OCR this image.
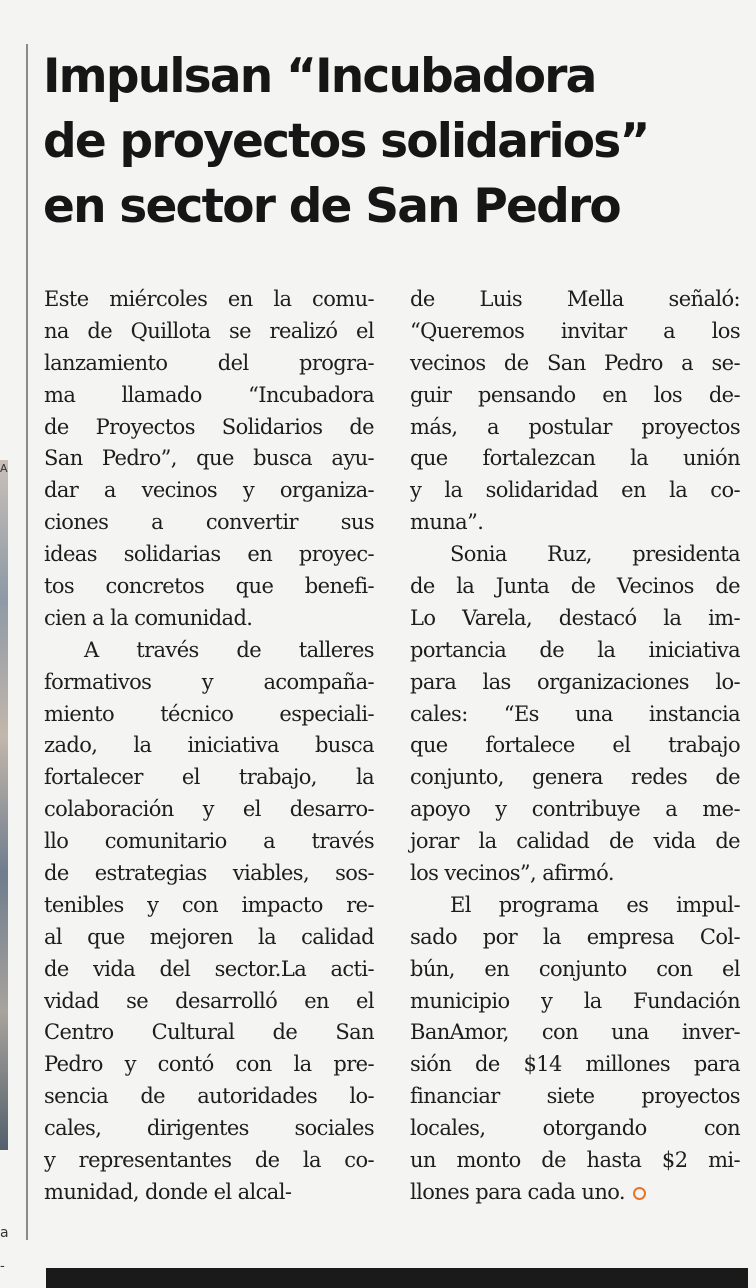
A
a
-
Impulsan “Incubadora
de proyectos solidarios”
en sector de San Pedro
Este miércoles en la comu-
na de Quillota se realizó el
lanzamiento del progra-
ma llamado “Incubadora
de Proyectos Solidarios de
San Pedro”, que busca ayu-
dar a vecinos y organiza-
ciones a convertir sus
ideas solidarias en proyec-
tos concretos que benefi-
cien a la comunidad.
A través de talleres
formativos y acompaña-
miento técnico especiali-
zado, la iniciativa busca
fortalecer el trabajo, la
colaboración y el desarro-
llo comunitario a través
de estrategias viables, sos-
tenibles y con impacto re-
al que mejoren la calidad
de vida del sector.La acti-
vidad se desarrolló en el
Centro Cultural de San
Pedro y contó con la pre-
sencia de autoridades lo-
cales, dirigentes sociales
y representantes de la co-
munidad, donde el alcal-
de Luis Mella señaló:
“Queremos invitar a los
vecinos de San Pedro a se-
guir pensando en los de-
más, a postular proyectos
que fortalezcan la unión
y la solidaridad en la co-
muna”.
Sonia Ruz, presidenta
de la Junta de Vecinos de
Lo Varela, destacó la im-
portancia de la iniciativa
para las organizaciones lo-
cales: “Es una instancia
que fortalece el trabajo
conjunto, genera redes de
apoyo y contribuye a me-
jorar la calidad de vida de
los vecinos”, afirmó.
El programa es impul-
sado por la empresa Col-
bún, en conjunto con el
municipio y la Fundación
BanAmor, con una inver-
sión de $14 millones para
financiar siete proyectos
locales, otorgando con
un monto de hasta $2 mi-
llones para cada uno.
